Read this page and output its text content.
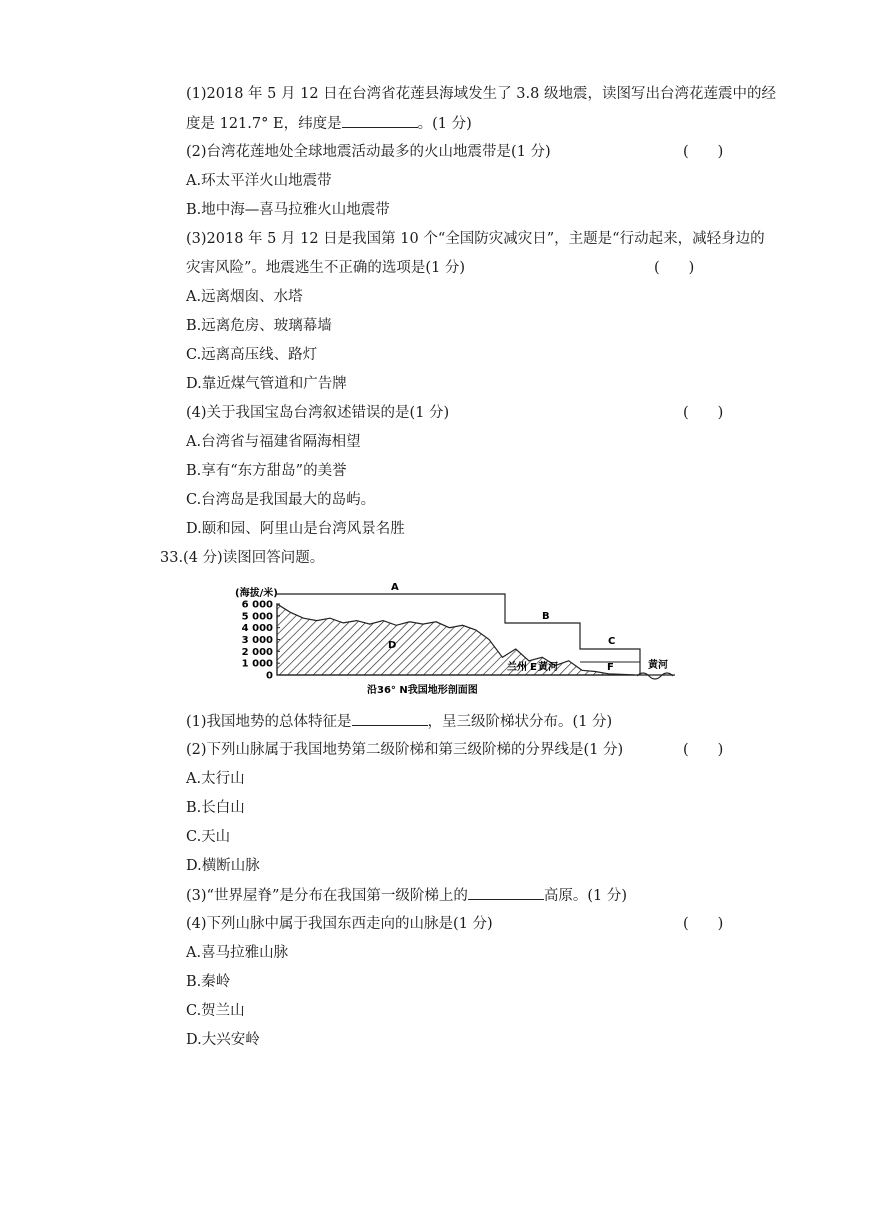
(1)2018 年 5 月 12 日在台湾省花莲县海域发生了 3.8 级地震，读图写出台湾花莲震中的经
度是 121.7° E，纬度是	。(1 分)
(2)台湾花莲地处全球地震活动最多的火山地震带是(1 分)	(　　)
A.环太平洋火山地震带
B.地中海—喜马拉雅火山地震带
(3)2018 年 5 月 12 日是我国第 10 个“全国防灾减灾日”，主题是“行动起来，减轻身边的
灾害风险”。地震逃生不正确的选项是(1 分)	(　　)
A.远离烟囱、水塔
B.远离危房、玻璃幕墙
C.远离高压线、路灯
D.靠近煤气管道和广告牌
(4)关于我国宝岛台湾叙述错误的是(1 分)	(　　)
A.台湾省与福建省隔海相望
B.享有“东方甜岛”的美誉
C.台湾岛是我国最大的岛屿。
D.颐和园、阿里山是台湾风景名胜
33.(4 分)读图回答问题。
(海拔/米)
6 000
5 000
4 000
3 000
2 000
1 000
0
A
B
C
D
兰州 E 黄河	F	黄河
沿36° N我国地形剖面图
(1)我国地势的总体特征是	，呈三级阶梯状分布。(1 分)
(2)下列山脉属于我国地势第二级阶梯和第三级阶梯的分界线是(1 分)	(　　)
A.太行山
B.长白山
C.天山
D.横断山脉
(3)“世界屋脊”是分布在我国第一级阶梯上的	高原。(1 分)
(4)下列山脉中属于我国东西走向的山脉是(1 分)	(　　)
A.喜马拉雅山脉
B.秦岭
C.贺兰山
D.大兴安岭
